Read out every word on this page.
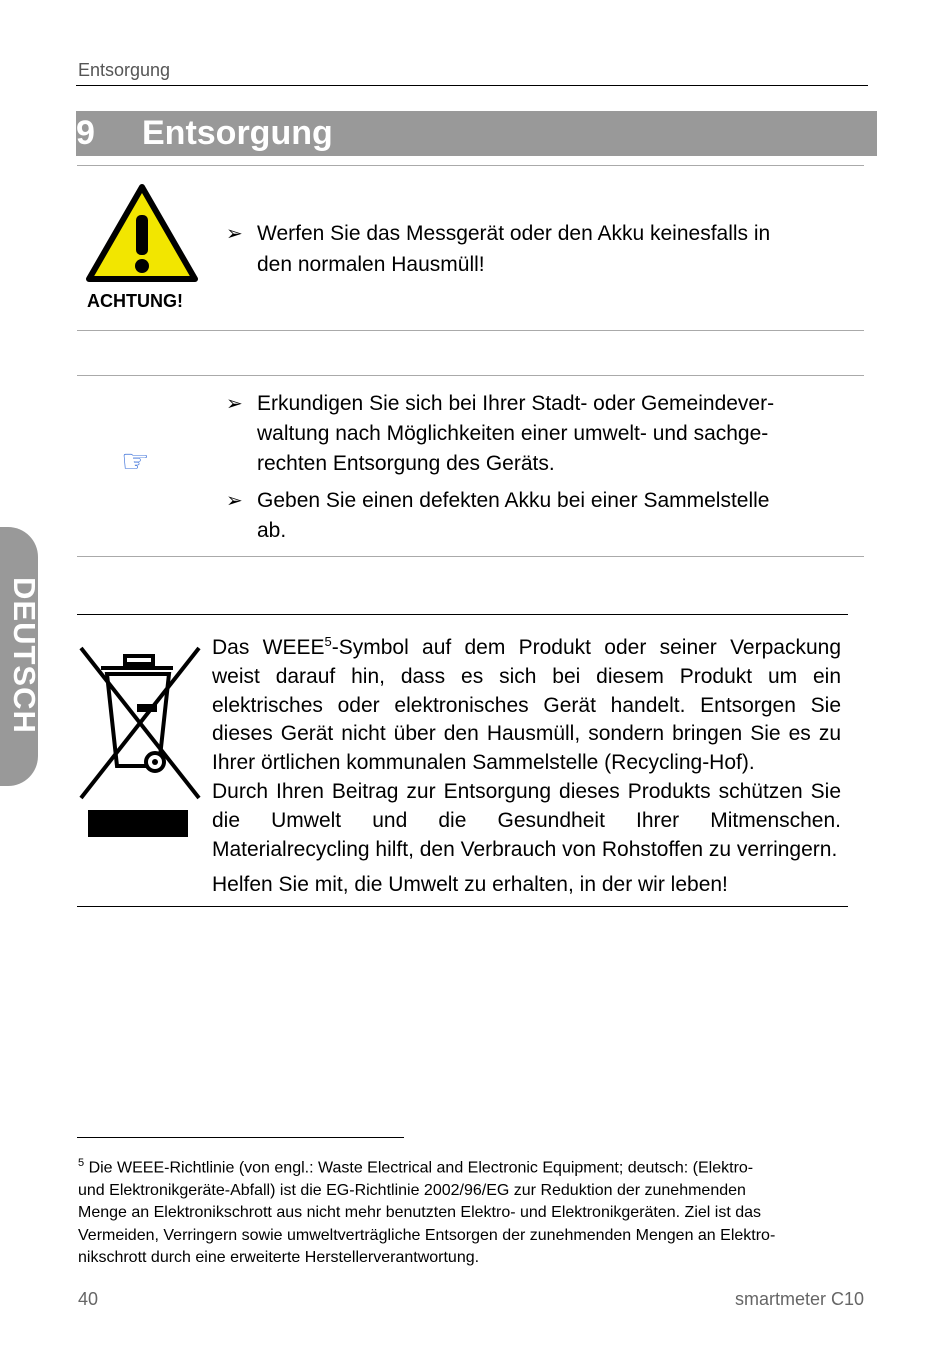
Entsorgung
9 Entsorgung
ACHTUNG!
➢ Werfen Sie das Messgerät oder den Akku keinesfalls in
den normalen Hausmüll!
☞
➢ Erkundigen Sie sich bei Ihrer Stadt- oder Gemeindever-
waltung nach Möglichkeiten einer umwelt- und sachge-
rechten Entsorgung des Geräts.
➢ Geben Sie einen defekten Akku bei einer Sammelstelle
ab.
Das WEEE$^5$-Symbol auf dem Produkt oder seiner Verpackung weist darauf hin, dass es sich bei diesem Produkt um ein elektrisches oder elektronisches Gerät handelt. Entsorgen Sie dieses Gerät nicht über den Hausmüll, sondern bringen Sie es zu Ihrer örtlichen kommunalen Sammelstelle (Recycling-Hof).
Durch Ihren Beitrag zur Entsorgung dieses Produkts schützen Sie die Umwelt und die Gesundheit Ihrer Mitmenschen. Materialrecycling hilft, den Verbrauch von Rohstoffen zu verringern.
Helfen Sie mit, die Umwelt zu erhalten, in der wir leben!
$^5$ Die WEEE-Richtlinie (von engl.: Waste Electrical and Electronic Equipment; deutsch: (Elektro-
und Elektronikgeräte-Abfall) ist die EG-Richtlinie 2002/96/EG zur Reduktion der zunehmenden
Menge an Elektronikschrott aus nicht mehr benutzten Elektro- und Elektronikgeräten. Ziel ist das
Vermeiden, Verringern sowie umweltverträgliche Entsorgen der zunehmenden Mengen an Elektro-
nikschrott durch eine erweiterte Herstellerverantwortung.
40	smartmeter C10
DEUTSCH
